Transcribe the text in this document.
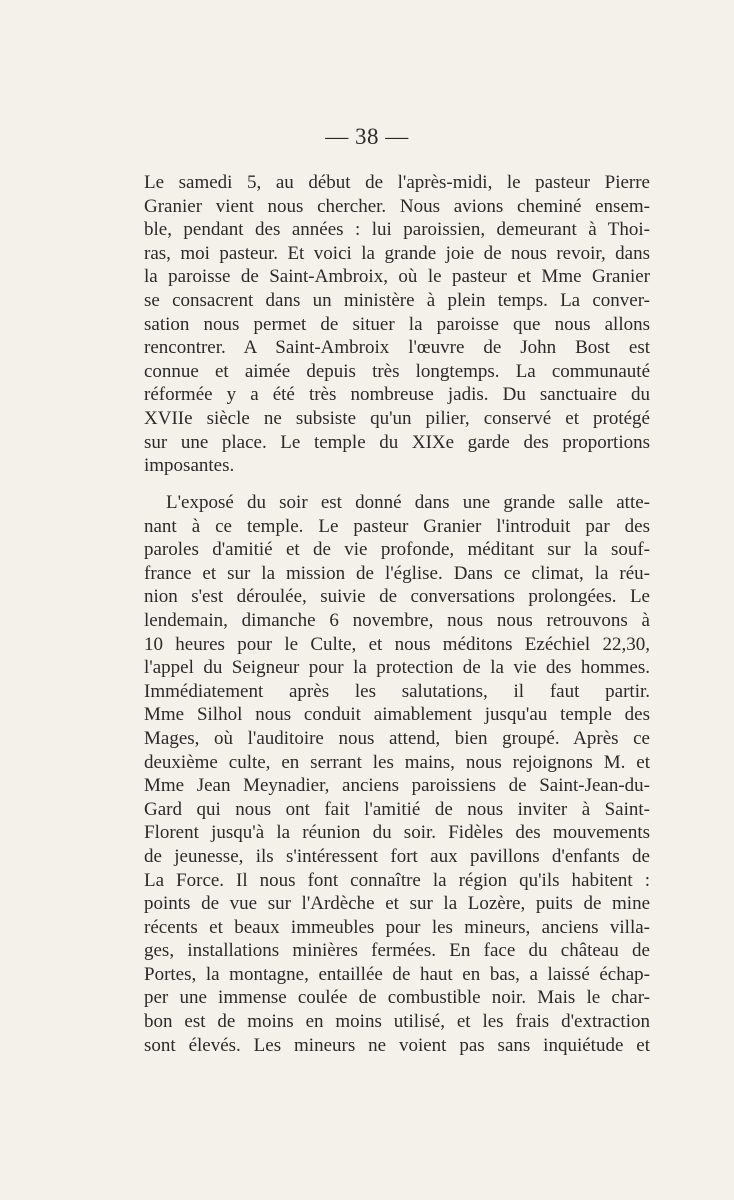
— 38 —
Le samedi 5, au début de l'après-midi, le pasteur Pierre
Granier vient nous chercher. Nous avions cheminé ensem-
ble, pendant des années : lui paroissien, demeurant à Thoi-
ras, moi pasteur. Et voici la grande joie de nous revoir, dans
la paroisse de Saint-Ambroix, où le pasteur et Mme Granier
se consacrent dans un ministère à plein temps. La conver-
sation nous permet de situer la paroisse que nous allons
rencontrer. A Saint-Ambroix l'œuvre de John Bost est
connue et aimée depuis très longtemps. La communauté
réformée y a été très nombreuse jadis. Du sanctuaire du
XVIIe siècle ne subsiste qu'un pilier, conservé et protégé
sur une place. Le temple du XIXe garde des proportions
imposantes.
L'exposé du soir est donné dans une grande salle atte-
nant à ce temple. Le pasteur Granier l'introduit par des
paroles d'amitié et de vie profonde, méditant sur la souf-
france et sur la mission de l'église. Dans ce climat, la réu-
nion s'est déroulée, suivie de conversations prolongées. Le
lendemain, dimanche 6 novembre, nous nous retrouvons à
10 heures pour le Culte, et nous méditons Ezéchiel 22,30,
l'appel du Seigneur pour la protection de la vie des hommes.
Immédiatement après les salutations, il faut partir.
Mme Silhol nous conduit aimablement jusqu'au temple des
Mages, où l'auditoire nous attend, bien groupé. Après ce
deuxième culte, en serrant les mains, nous rejoignons M. et
Mme Jean Meynadier, anciens paroissiens de Saint-Jean-du-
Gard qui nous ont fait l'amitié de nous inviter à Saint-
Florent jusqu'à la réunion du soir. Fidèles des mouvements
de jeunesse, ils s'intéressent fort aux pavillons d'enfants de
La Force. Il nous font connaître la région qu'ils habitent :
points de vue sur l'Ardèche et sur la Lozère, puits de mine
récents et beaux immeubles pour les mineurs, anciens villa-
ges, installations minières fermées. En face du château de
Portes, la montagne, entaillée de haut en bas, a laissé échap-
per une immense coulée de combustible noir. Mais le char-
bon est de moins en moins utilisé, et les frais d'extraction
sont élevés. Les mineurs ne voient pas sans inquiétude et
